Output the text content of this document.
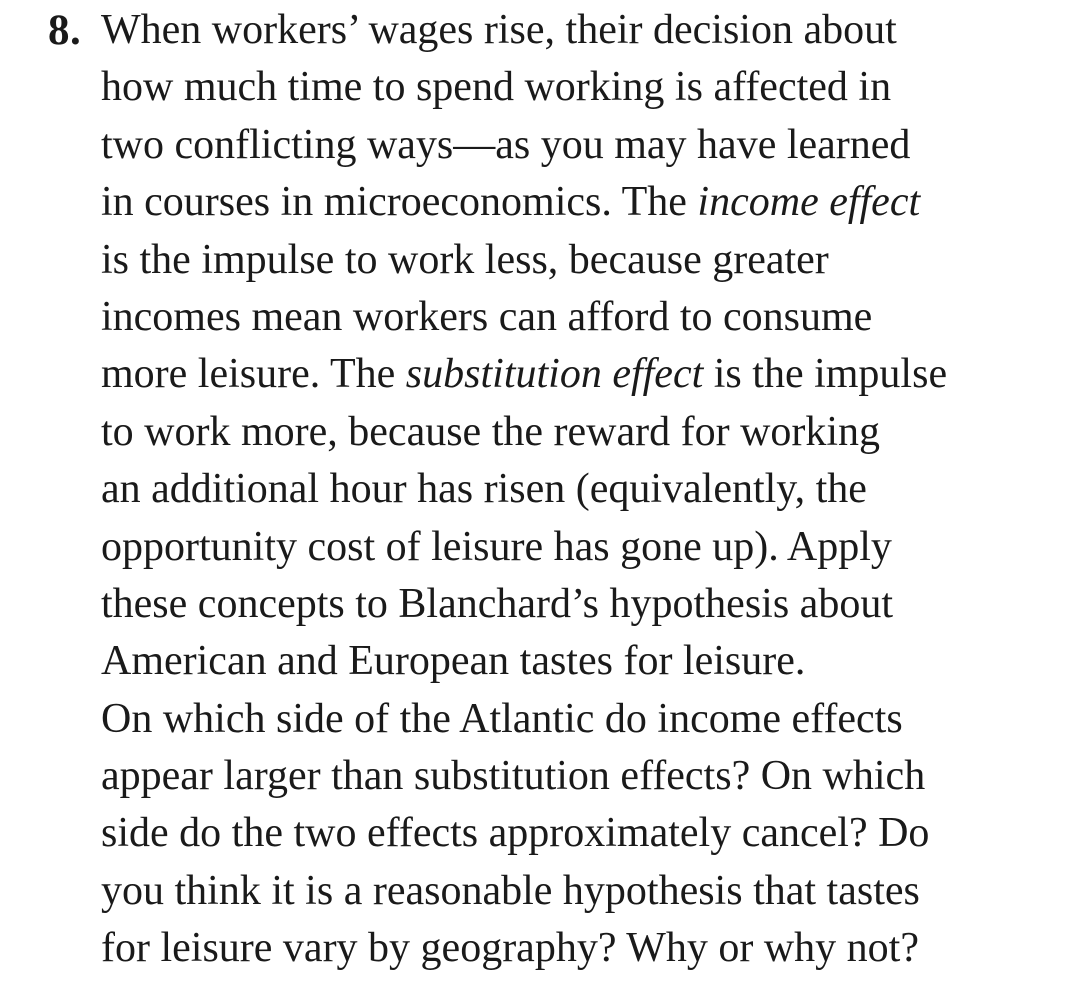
8. When workers’ wages rise, their decision about
how much time to spend working is affected in
two conflicting ways—as you may have learned
in courses in microeconomics. The income effect
is the impulse to work less, because greater
incomes mean workers can afford to consume
more leisure. The substitution effect is the impulse
to work more, because the reward for working
an additional hour has risen (equivalently, the
opportunity cost of leisure has gone up). Apply
these concepts to Blanchard’s hypothesis about
American and European tastes for leisure.
On which side of the Atlantic do income effects
appear larger than substitution effects? On which
side do the two effects approximately cancel? Do
you think it is a reasonable hypothesis that tastes
for leisure vary by geography? Why or why not?
